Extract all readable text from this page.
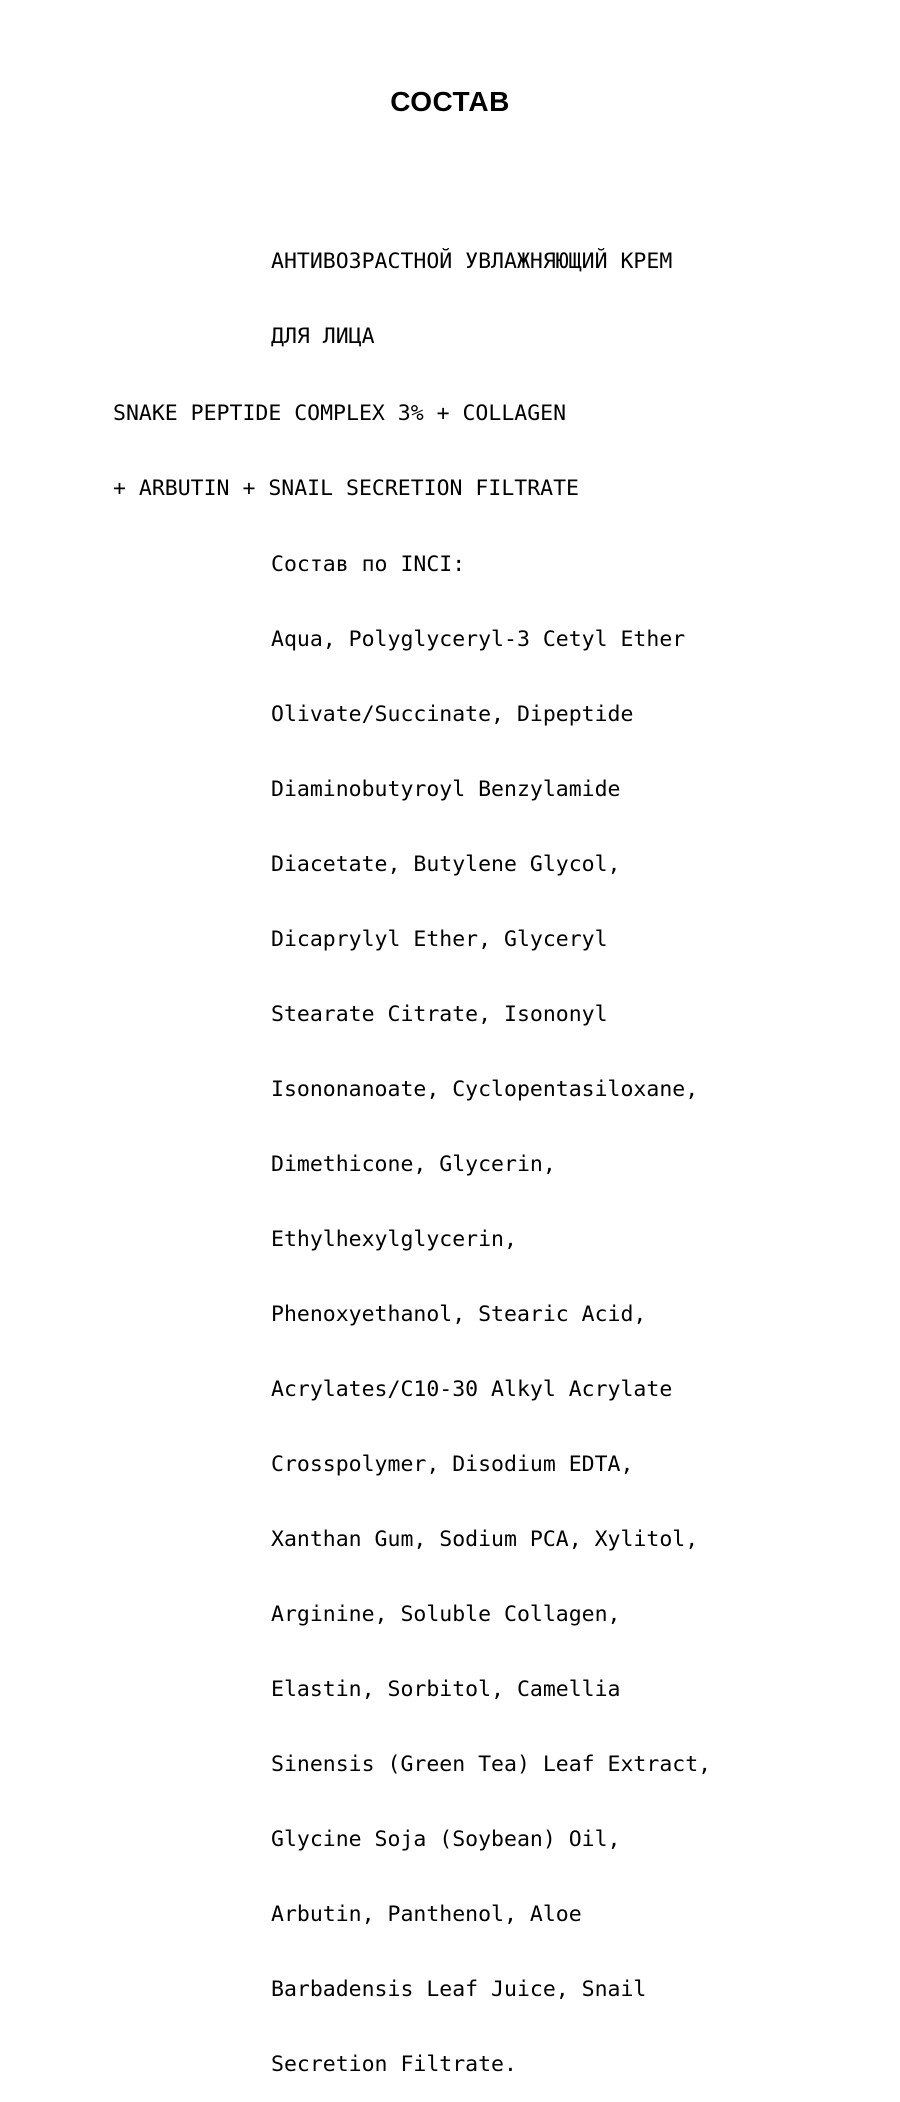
СОСТАВ

АНТИВОЗРАСТНОЙ УВЛАЖНЯЮЩИЙ КРЕМ

ДЛЯ ЛИЦА

SNAKE PEPTIDE COMPLEX 3% + COLLAGEN

+ ARBUTIN + SNAIL SECRETION FILTRATE

Состав по INCI:

Aqua, Polyglyceryl-3 Cetyl Ether

Olivate/Succinate, Dipeptide

Diaminobutyroyl Benzylamide

Diacetate, Butylene Glycol,

Dicaprylyl Ether, Glyceryl

Stearate Citrate, Isononyl

Isononanoate, Cyclopentasiloxane,

Dimethicone, Glycerin,

Ethylhexylglycerin,

Phenoxyethanol, Stearic Acid,

Acrylates/C10-30 Alkyl Acrylate

Crosspolymer, Disodium EDTA,

Xanthan Gum, Sodium PCA, Xylitol,

Arginine, Soluble Collagen,

Elastin, Sorbitol, Camellia

Sinensis (Green Tea) Leaf Extract,

Glycine Soja (Soybean) Oil,

Arbutin, Panthenol, Aloe

Barbadensis Leaf Juice, Snail

Secretion Filtrate.
